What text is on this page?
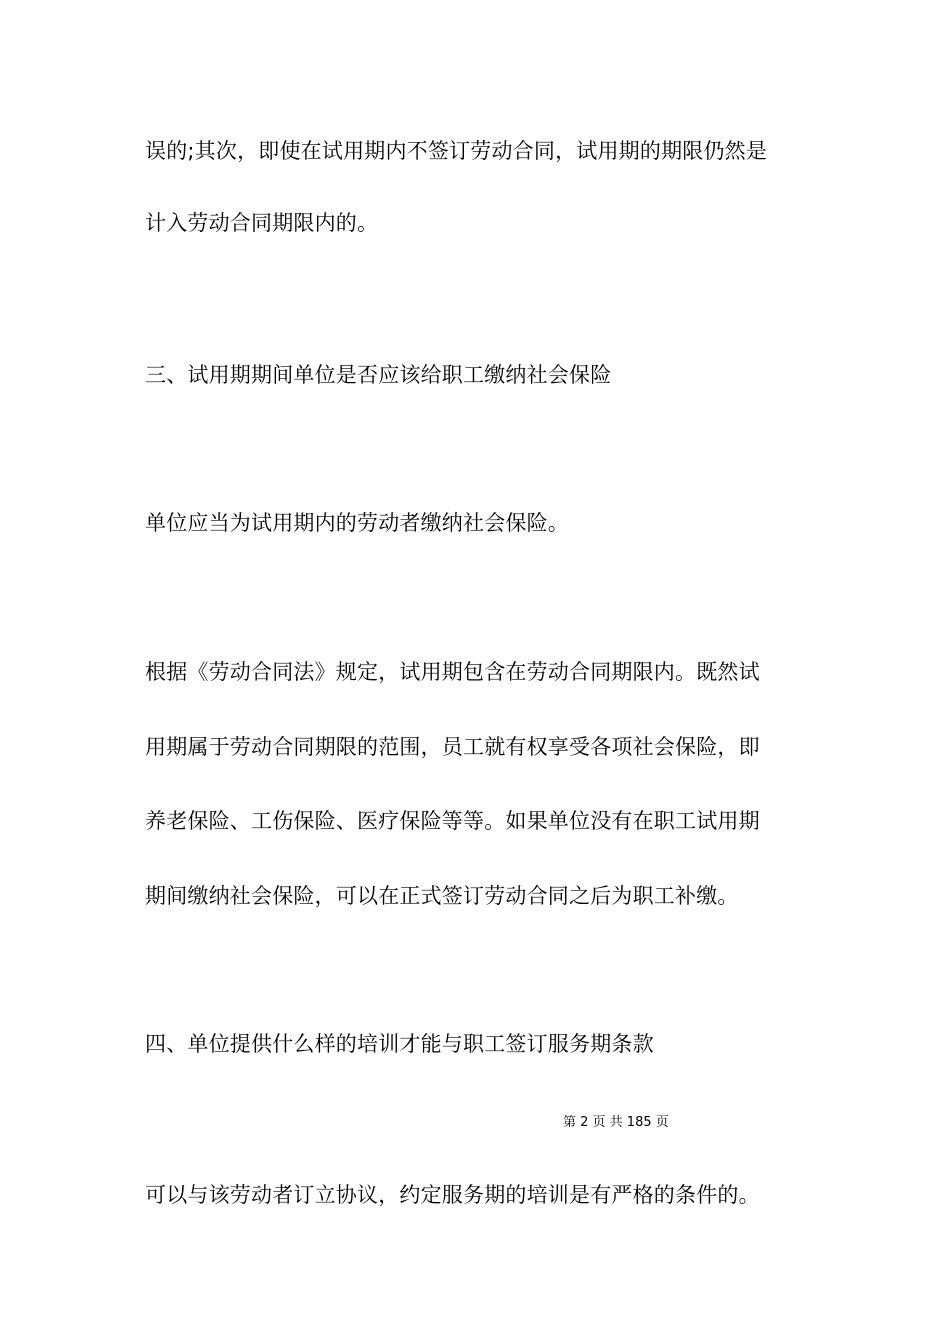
误的;其次，即使在试用期内不签订劳动合同，试用期的期限仍然是
计入劳动合同期限内的。
三、试用期期间单位是否应该给职工缴纳社会保险
单位应当为试用期内的劳动者缴纳社会保险。
根据《劳动合同法》规定，试用期包含在劳动合同期限内。既然试
用期属于劳动合同期限的范围，员工就有权享受各项社会保险，即
养老保险、工伤保险、医疗保险等等。如果单位没有在职工试用期
期间缴纳社会保险，可以在正式签订劳动合同之后为职工补缴。
四、单位提供什么样的培训才能与职工签订服务期条款
第 2 页 共 185 页
可以与该劳动者订立协议，约定服务期的培训是有严格的条件的。
